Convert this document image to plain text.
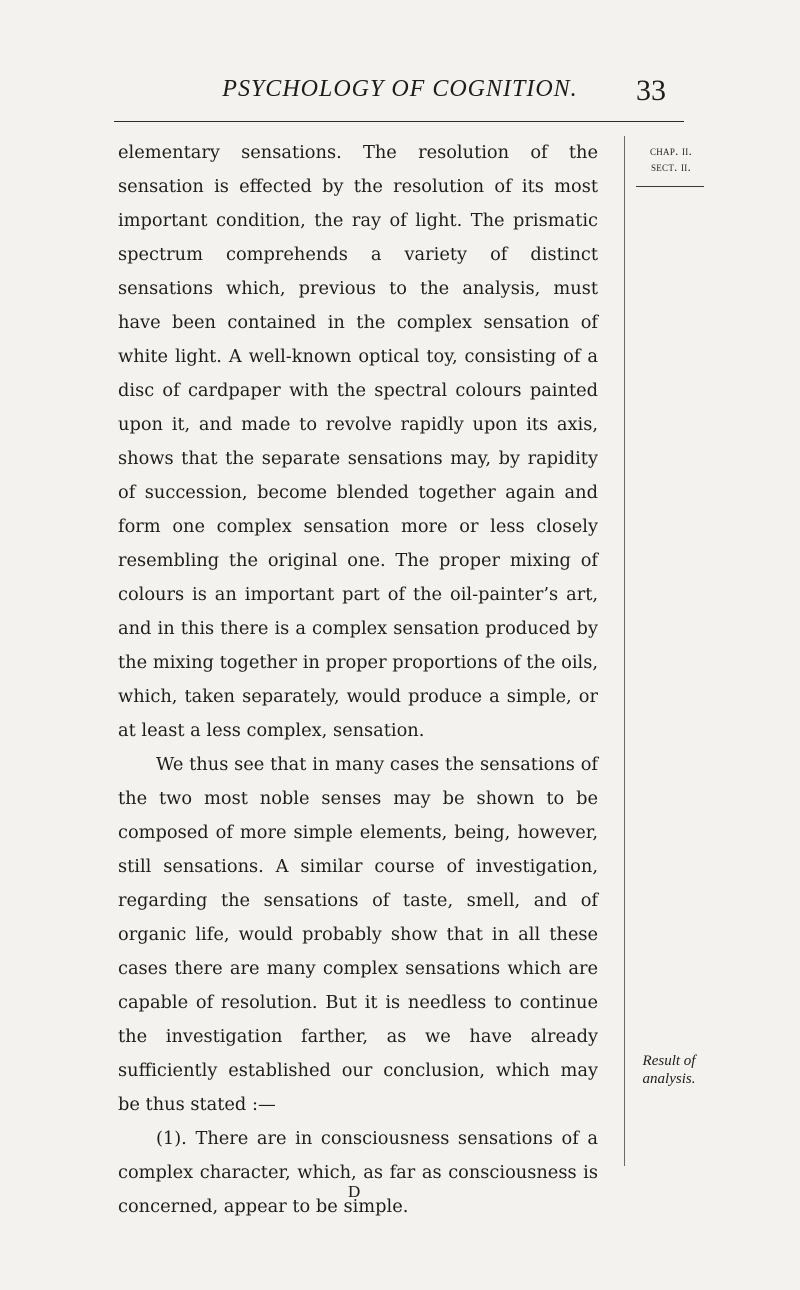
PSYCHOLOGY OF COGNITION.	33

elementary sensations. The resolution of the sensation is effected by the resolution of its most important condition, the ray of light. The prismatic spectrum comprehends a variety of distinct sensations which, previous to the analysis, must have been contained in the complex sensation of white light. A well-known optical toy, consisting of a disc of cardpaper with the spectral colours painted upon it, and made to revolve rapidly upon its axis, shows that the separate sensations may, by rapidity of succession, become blended together again and form one complex sensation more or less closely resembling the original one. The proper mixing of colours is an important part of the oil-painter’s art, and in this there is a complex sensation produced by the mixing together in proper proportions of the oils, which, taken separately, would produce a simple, or at least a less complex, sensation.

We thus see that in many cases the sensations of the two most noble senses may be shown to be composed of more simple elements, being, however, still sensations. A similar course of investigation, regarding the sensations of taste, smell, and of organic life, would probably show that in all these cases there are many complex sensations which are capable of resolution. But it is needless to continue the investigation farther, as we have already sufficiently established our conclusion, which may be thus stated :—

(1). There are in consciousness sensations of a complex character, which, as far as consciousness is concerned, appear to be simple.

chap. ii.
sect. ii.
Result of
analysis.
D
